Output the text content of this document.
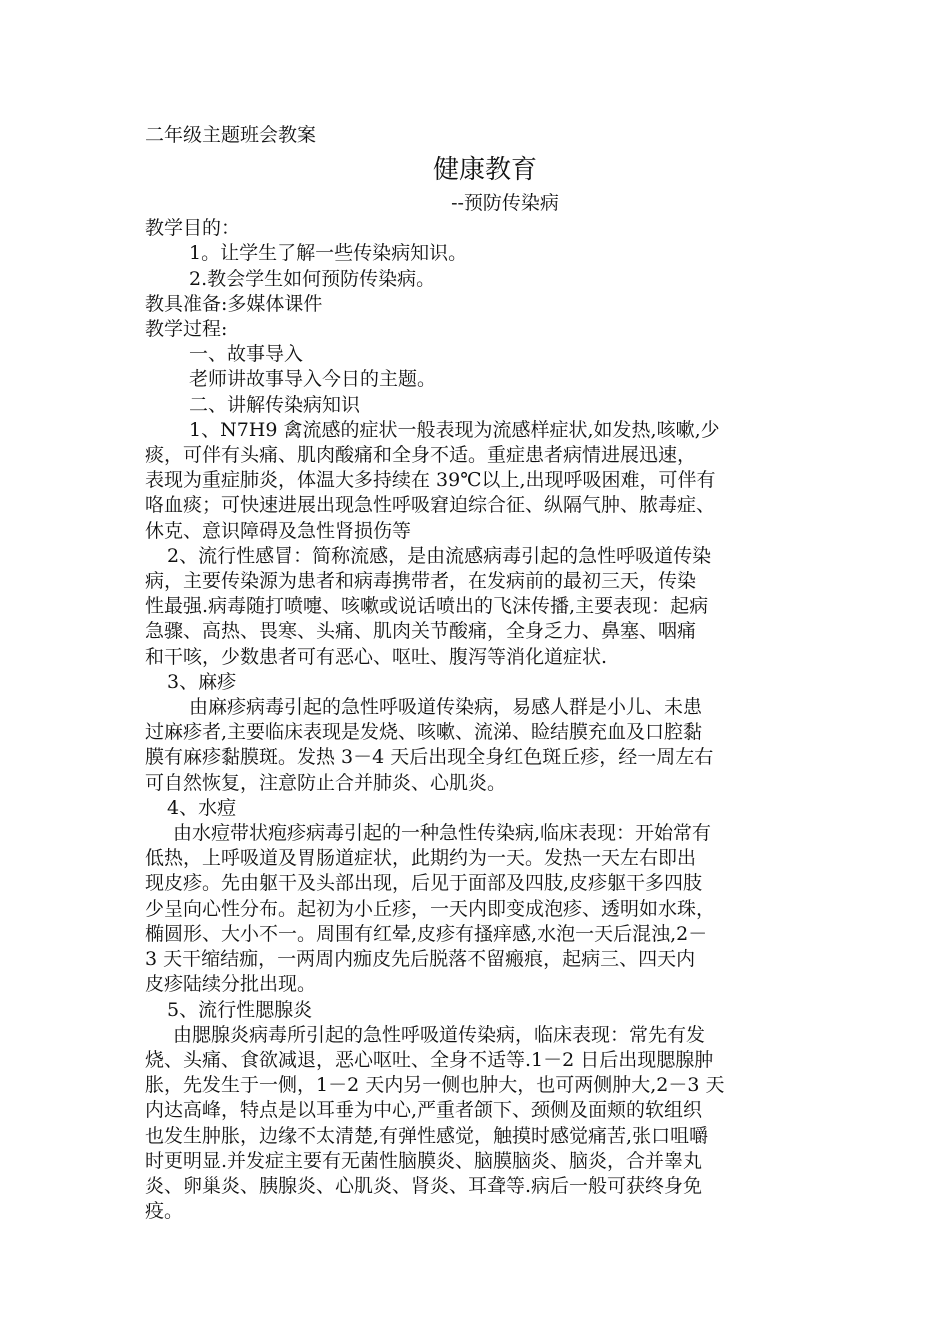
二年级主题班会教案
健康教育
--预防传染病
教学目的：
1。让学生了解一些传染病知识。
2.教会学生如何预防传染病。
教具准备:多媒体课件
教学过程:
一、故事导入
老师讲故事导入今日的主题。
二、讲解传染病知识
1、N7H9 禽流感的症状一般表现为流感样症状,如发热,咳嗽,少
痰，可伴有头痛、肌肉酸痛和全身不适。重症患者病情进展迅速，
表现为重症肺炎，体温大多持续在 39℃以上,出现呼吸困难，可伴有
咯血痰；可快速进展出现急性呼吸窘迫综合征、纵隔气肿、脓毒症、
休克、意识障碍及急性肾损伤等
2、流行性感冒：简称流感，是由流感病毒引起的急性呼吸道传染
病，主要传染源为患者和病毒携带者，在发病前的最初三天，传染
性最强.病毒随打喷嚏、咳嗽或说话喷出的飞沫传播,主要表现：起病
急骤、高热、畏寒、头痛、肌肉关节酸痛，全身乏力、鼻塞、咽痛
和干咳，少数患者可有恶心、呕吐、腹泻等消化道症状.
3、麻疹
由麻疹病毒引起的急性呼吸道传染病，易感人群是小儿、未患
过麻疹者,主要临床表现是发烧、咳嗽、流涕、睑结膜充血及口腔黏
膜有麻疹黏膜斑。发热 3－4 天后出现全身红色斑丘疹，经一周左右
可自然恢复，注意防止合并肺炎、心肌炎。
4、水痘
由水痘带状疱疹病毒引起的一种急性传染病,临床表现：开始常有
低热，上呼吸道及胃肠道症状，此期约为一天。发热一天左右即出
现皮疹。先由躯干及头部出现，后见于面部及四肢,皮疹躯干多四肢
少呈向心性分布。起初为小丘疹，一天内即变成泡疹、透明如水珠，
椭圆形、大小不一。周围有红晕,皮疹有搔痒感,水泡一天后混浊,2－
3 天干缩结痂，一两周内痂皮先后脱落不留瘢痕，起病三、四天内
皮疹陆续分批出现。
5、流行性腮腺炎
由腮腺炎病毒所引起的急性呼吸道传染病，临床表现：常先有发
烧、头痛、食欲减退，恶心呕吐、全身不适等.1－2 日后出现腮腺肿
胀，先发生于一侧，1－2 天内另一侧也肿大，也可两侧肿大,2－3 天
内达高峰，特点是以耳垂为中心,严重者颌下、颈侧及面颊的软组织
也发生肿胀，边缘不太清楚,有弹性感觉，触摸时感觉痛苦,张口咀嚼
时更明显.并发症主要有无菌性脑膜炎、脑膜脑炎、脑炎，合并睾丸
炎、卵巢炎、胰腺炎、心肌炎、肾炎、耳聋等.病后一般可获终身免
疫。
